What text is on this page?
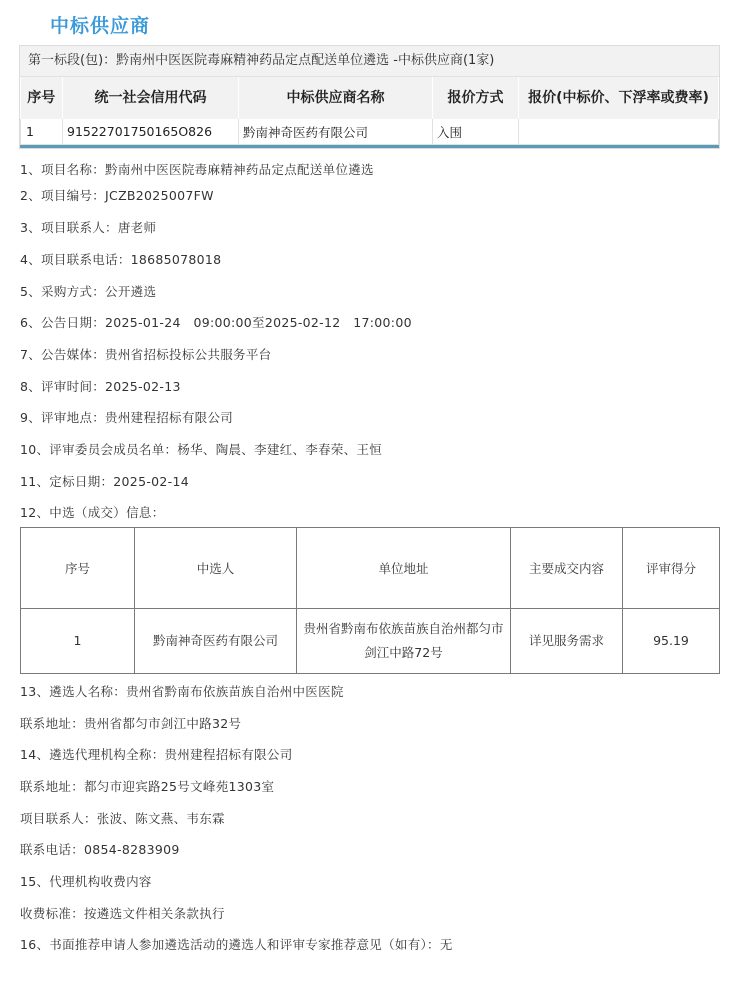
中标供应商
第一标段(包)：黔南州中医医院毒麻精神药品定点配送单位遴选 -中标供应商(1家)
序号	统一社会信用代码	中标供应商名称	报价方式	报价(中标价、下浮率或费率)
1	91522701750165O826	黔南神奇医药有限公司	入围	
1、项目名称：黔南州中医医院毒麻精神药品定点配送单位遴选
2、项目编号：JCZB2025007FW
3、项目联系人：唐老师
4、项目联系电话：18685078018
5、采购方式：公开遴选
6、公告日期：2025-01-24　09:00:00至2025-02-12　17:00:00
7、公告媒体：贵州省招标投标公共服务平台
8、评审时间：2025-02-13
9、评审地点：贵州建程招标有限公司
10、评审委员会成员名单：杨华、陶晨、李建红、李春荣、王恒
11、定标日期：2025-02-14
12、中选（成交）信息：
序号	中选人	单位地址	主要成交内容	评审得分
1	黔南神奇医药有限公司	贵州省黔南布依族苗族自治州都匀市剑江中路72号	详见服务需求	95.19
13、遴选人名称：贵州省黔南布依族苗族自治州中医医院
联系地址：贵州省都匀市剑江中路32号
14、遴选代理机构全称：贵州建程招标有限公司
联系地址：都匀市迎宾路25号文峰苑1303室
项目联系人：张波、陈文燕、韦东霖
联系电话：0854-8283909
15、代理机构收费内容
收费标准：按遴选文件相关条款执行
16、书面推荐申请人参加遴选活动的遴选人和评审专家推荐意见（如有）：无
